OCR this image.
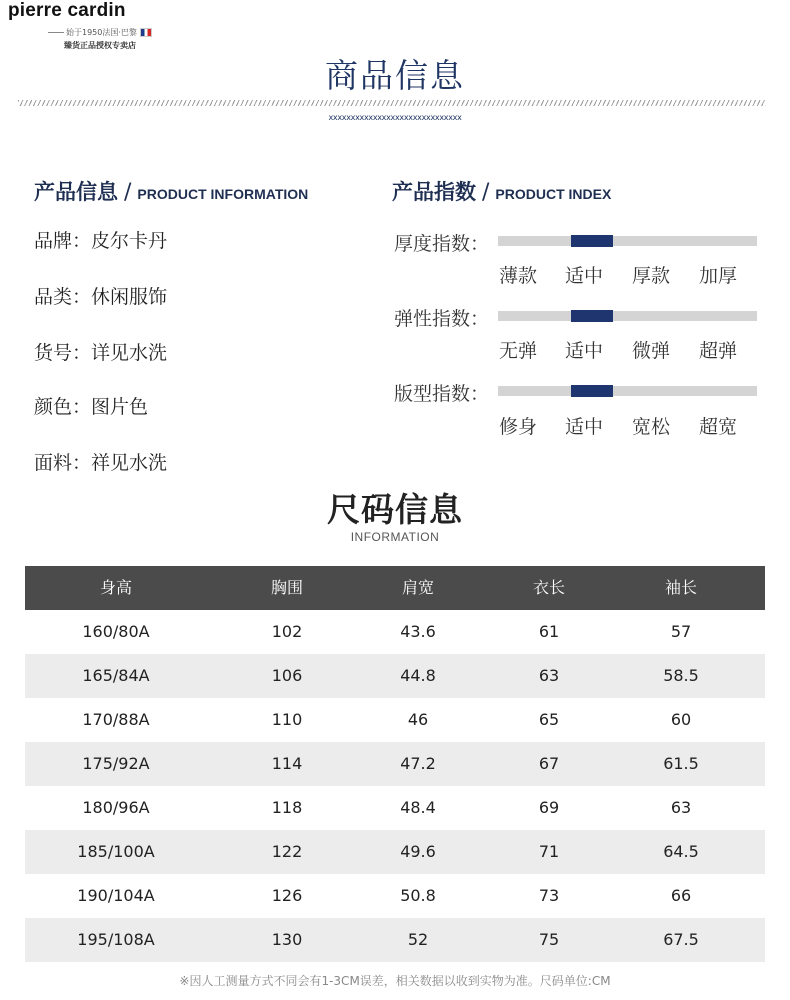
pierre cardin
始于1950法国·巴黎
臻货正品授权专卖店
商品信息
xxxxxxxxxxxxxxxxxxxxxxxxxxxxxx
产品信息 / PRODUCT INFORMATION	产品指数 / PRODUCT INDEX
品牌：皮尔卡丹
品类：休闲服饰
货号：详见水洗
颜色：图片色
面料：祥见水洗
厚度指数：
薄款 适中 厚款 加厚
弹性指数：
无弹 适中 微弹 超弹
版型指数：
修身 适中 宽松 超宽
尺码信息
INFORMATION
身高	胸围	肩宽	衣长	袖长
160/80A	102	43.6	61	57
165/84A	106	44.8	63	58.5
170/88A	110	46	65	60
175/92A	114	47.2	67	61.5
180/96A	118	48.4	69	63
185/100A	122	49.6	71	64.5
190/104A	126	50.8	73	66
195/108A	130	52	75	67.5
※因人工测量方式不同会有1-3CM误差，相关数据以收到实物为准。尺码单位:CM
